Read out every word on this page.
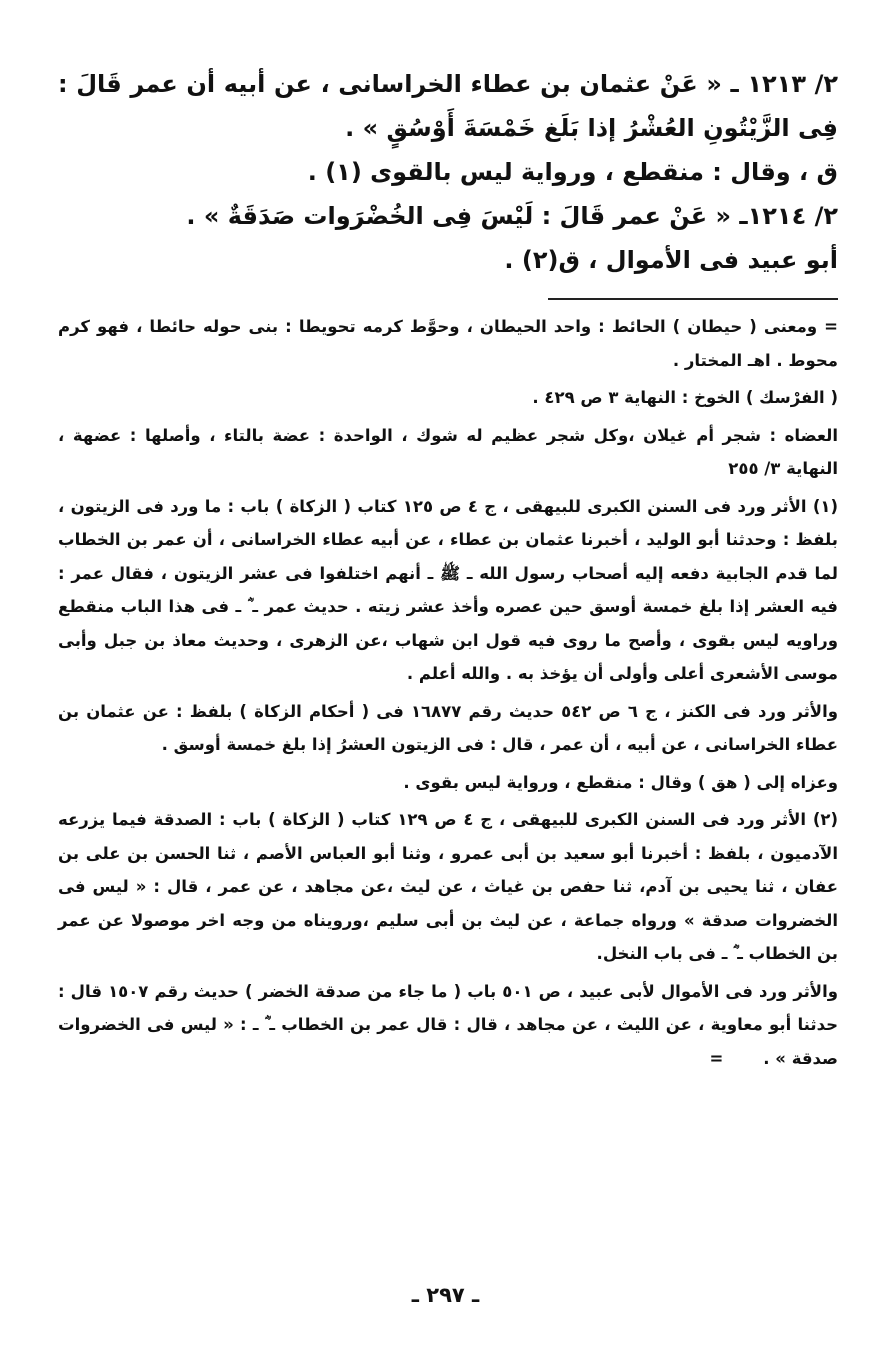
٢/ ١٢١٣ ـ « عَنْ عثمان بن عطاء الخراسانى ، عن أبيه أن عمر قَالَ : فِى الزَّيْتُونِ العُشْرُ إذا بَلَغ خَمْسَةَ أَوْسُقٍ » .

ق ، وقال : منقطع ، ورواية ليس بالقوى (١) .

٢/ ١٢١٤ـ « عَنْ عمر قَالَ : لَيْسَ فِى الخُضْرَوات صَدَقَةٌ » .

أبو عبيد فى الأموال ، ق(٢) .

= ومعنى ( حيطان ) الحائط : واحد الحيطان ، وحوَّط كرمه تحويطا : بنى حوله حائطا ، فهو كرم محوط . اهـ المختار .

( الفرْسك ) الخوخ : النهاية ٣ ص ٤٢٩ .

العضاه : شجر أم غيلان ،وكل شجر عظيم له شوك ، الواحدة : عضة بالتاء ، وأصلها : عضهة ، النهاية ٣/ ٢٥٥

(١) الأثر ورد فى السنن الكبرى للبيهقى ، ج ٤ ص ١٢٥ كتاب ( الزكاة ) باب : ما ورد فى الزيتون ، بلفظ : وحدثنا أبو الوليد ، أخبرنا عثمان بن عطاء ، عن أبيه عطاء الخراسانى ، أن عمر بن الخطاب لما قدم الجابية دفعه إليه أصحاب رسول الله ـ ﷺ ـ أنهم اختلفوا فى عشر الزيتون ، فقال عمر : فيه العشر إذا بلغ خمسة أوسق حين عصره وأخذ عشر زيته . حديث عمر ـ ؓ ـ فى هذا الباب منقطع وراويه ليس بقوى ، وأصح ما روى فيه قول ابن شهاب ،عن الزهرى ، وحديث معاذ بن جبل وأبى موسى الأشعرى أعلى وأولى أن يؤخذ به . والله أعلم .

والأثر ورد فى الكنز ، ج ٦ ص ٥٤٢ حديث رقم ١٦٨٧٧ فى ( أحكام الزكاة ) بلفظ : عن عثمان بن عطاء الخراسانى ، عن أبيه ، أن عمر ، قال : فى الزيتون العشرُ إذا بلغ خمسة أوسق .

وعزاه إلى ( هق ) وقال : منقطع ، ورواية ليس بقوى .

(٢) الأثر ورد فى السنن الكبرى للبيهقى ، ج ٤ ص ١٢٩ كتاب ( الزكاة ) باب : الصدقة فيما يزرعه الآدميون ، بلفظ : أخبرنا أبو سعيد بن أبى عمرو ، وثنا أبو العباس الأصم ، ثنا الحسن بن على بن عفان ، ثنا يحيى بن آدم، ثنا حفص بن غياث ، عن ليث ،عن مجاهد ، عن عمر ، قال : « ليس فى الخضروات صدقة » ورواه جماعة ، عن ليث بن أبى سليم ،ورويناه من وجه اخر موصولا عن عمر بن الخطاب ـ ؓ ـ فى باب النخل.

والأثر ورد فى الأموال لأبى عبيد ، ص ٥٠١ باب ( ما جاء من صدقة الخضر ) حديث رقم ١٥٠٧ قال : حدثنا أبو معاوية ، عن الليث ، عن مجاهد ، قال : قال عمر بن الخطاب ـ ؓ ـ : « ليس فى الخضروات صدقة » .=

ـ ٢٩٧ ـ
